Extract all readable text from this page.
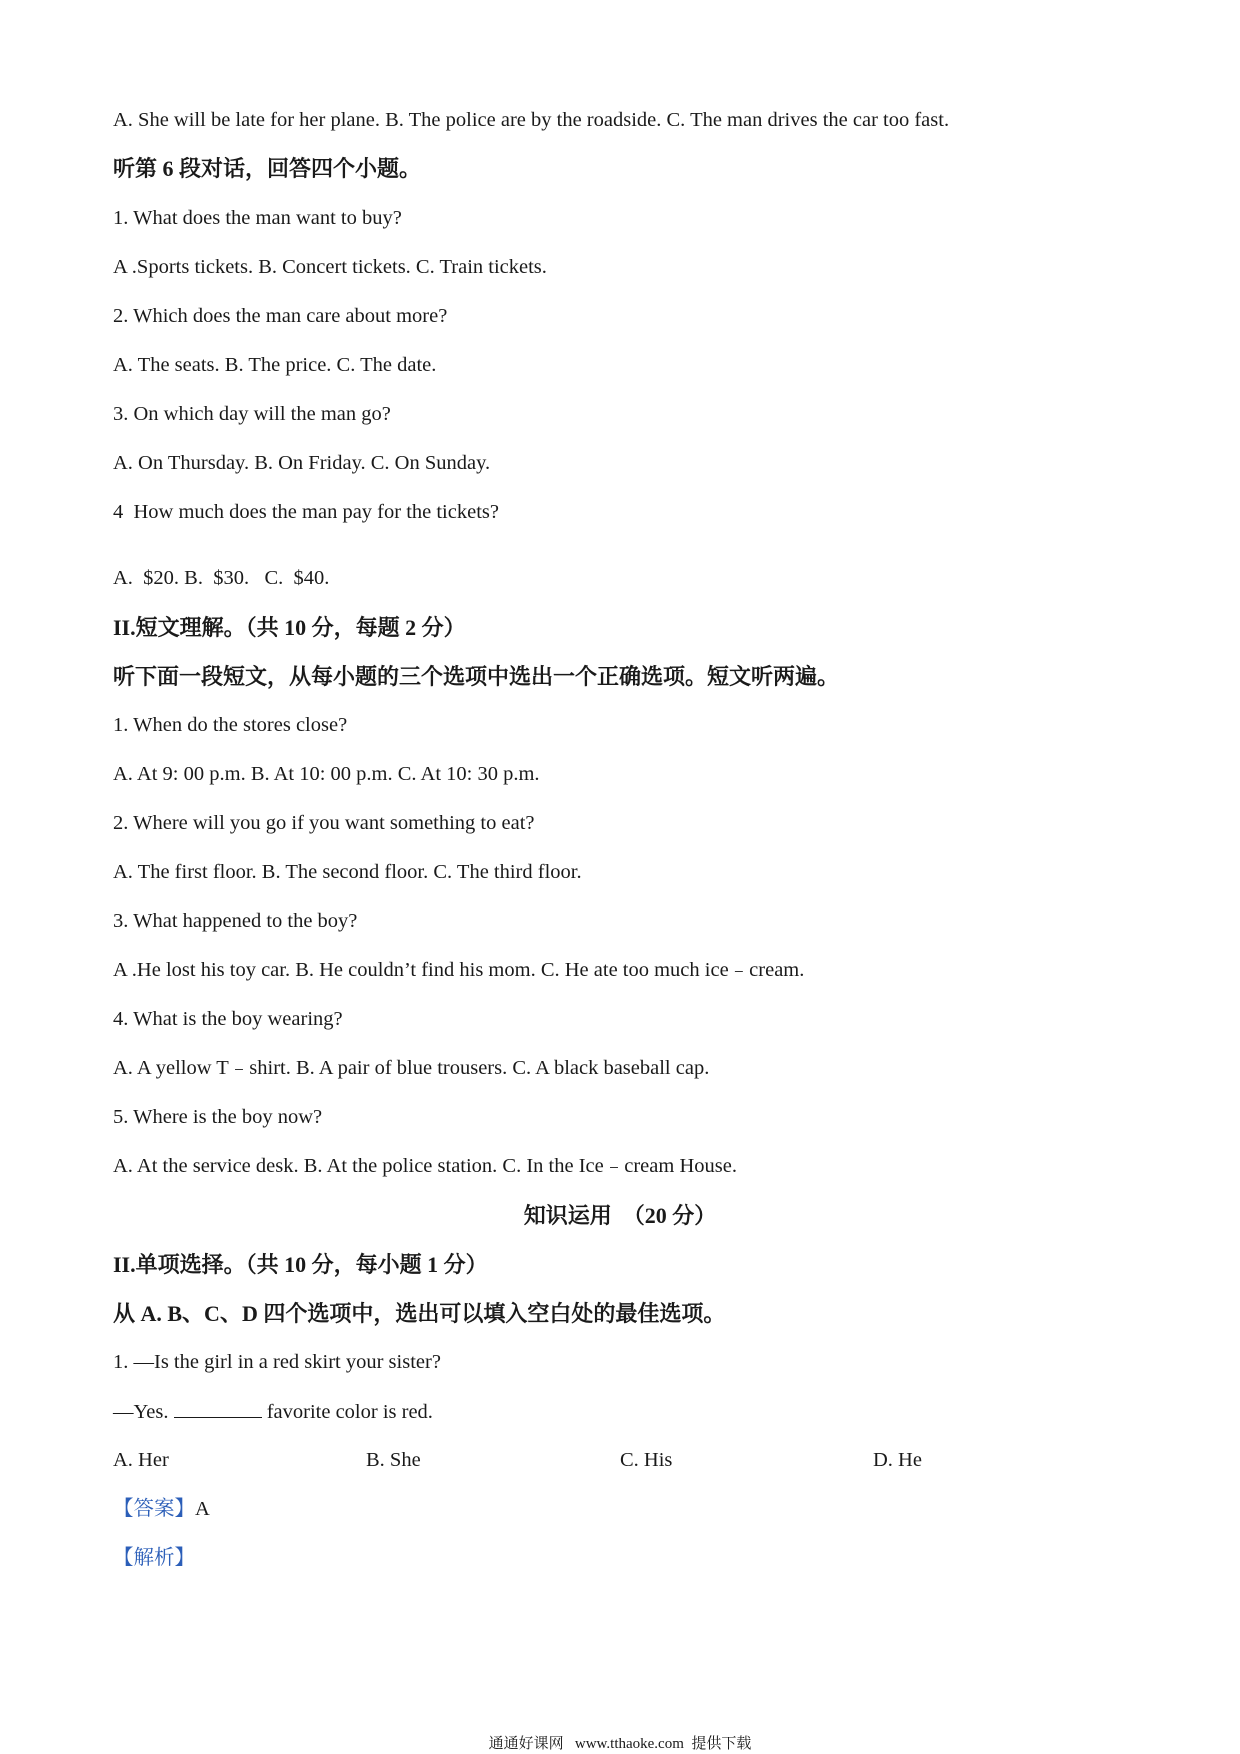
A. She will be late for her plane. B. The police are by the roadside. C. The man drives the car too fast.
听第 6 段对话，回答四个小题。
1. What does the man want to buy?
A .Sports tickets. B. Concert tickets. C. Train tickets.
2. Which does the man care about more?
A. The seats. B. The price. C. The date.
3. On which day will the man go?
A. On Thursday. B. On Friday. C. On Sunday.
4  How much does the man pay for the tickets?
A.  $20. B.  $30.   C.  $40.
II.短文理解。（共 10 分，每题 2 分）
听下面一段短文，从每小题的三个选项中选出一个正确选项。短文听两遍。
1. When do the stores close?
A. At 9: 00 p.m. B. At 10: 00 p.m. C. At 10: 30 p.m.
2. Where will you go if you want something to eat?
A. The first floor. B. The second floor. C. The third floor.
3. What happened to the boy?
A .He lost his toy car. B. He couldn’t find his mom. C. He ate too much ice﹣cream.
4. What is the boy wearing?
A. A yellow T﹣shirt. B. A pair of blue trousers. C. A black baseball cap.
5. Where is the boy now?
A. At the service desk. B. At the police station. C. In the Ice﹣cream House.
知识运用  （20 分）
II.单项选择。（共 10 分，每小题 1 分）
从 A. B、C、D 四个选项中，选出可以填入空白处的最佳选项。
1. —Is the girl in a red skirt your sister?
—Yes.	favorite color is red.
A. Her	B. She	C. His	D. He
【答案】A
【解析】
通通好课网   www.tthaoke.com  提供下载
